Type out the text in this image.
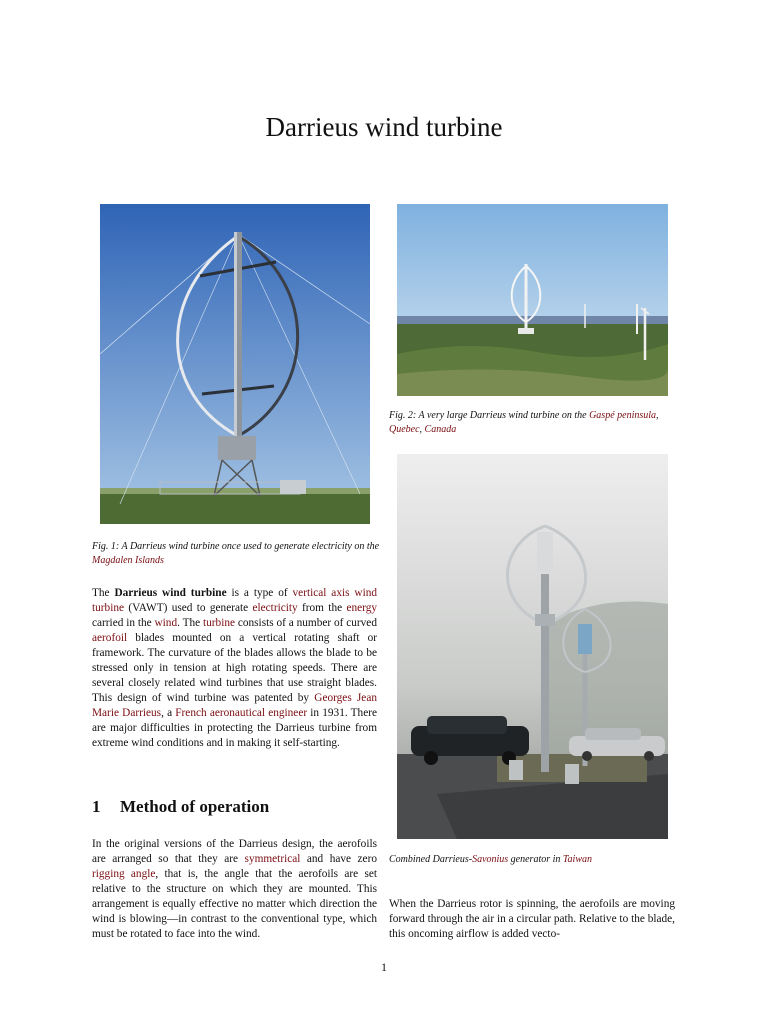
Darrieus wind turbine
Fig. 1: A Darrieus wind turbine once used to generate electricity on the Magdalen Islands
Fig. 2: A very large Darrieus wind turbine on the Gaspé peninsula, Quebec, Canada
Combined Darrieus-Savonius generator in Taiwan
The Darrieus wind turbine is a type of vertical axis wind turbine (VAWT) used to generate electricity from the energy carried in the wind. The turbine consists of a number of curved aerofoil blades mounted on a vertical rotating shaft or framework. The curvature of the blades allows the blade to be stressed only in tension at high rotating speeds. There are several closely related wind turbines that use straight blades. This design of wind turbine was patented by Georges Jean Marie Darrieus, a French aeronautical engineer in 1931. There are major difficulties in protecting the Darrieus turbine from extreme wind conditions and in making it self-starting.
1 Method of operation
In the original versions of the Darrieus design, the aerofoils are arranged so that they are symmetrical and have zero rigging angle, that is, the angle that the aerofoils are set relative to the structure on which they are mounted. This arrangement is equally effective no matter which direction the wind is blowing—in contrast to the conventional type, which must be rotated to face into the wind.
When the Darrieus rotor is spinning, the aerofoils are moving forward through the air in a circular path. Relative to the blade, this oncoming airflow is added vecto-
1
